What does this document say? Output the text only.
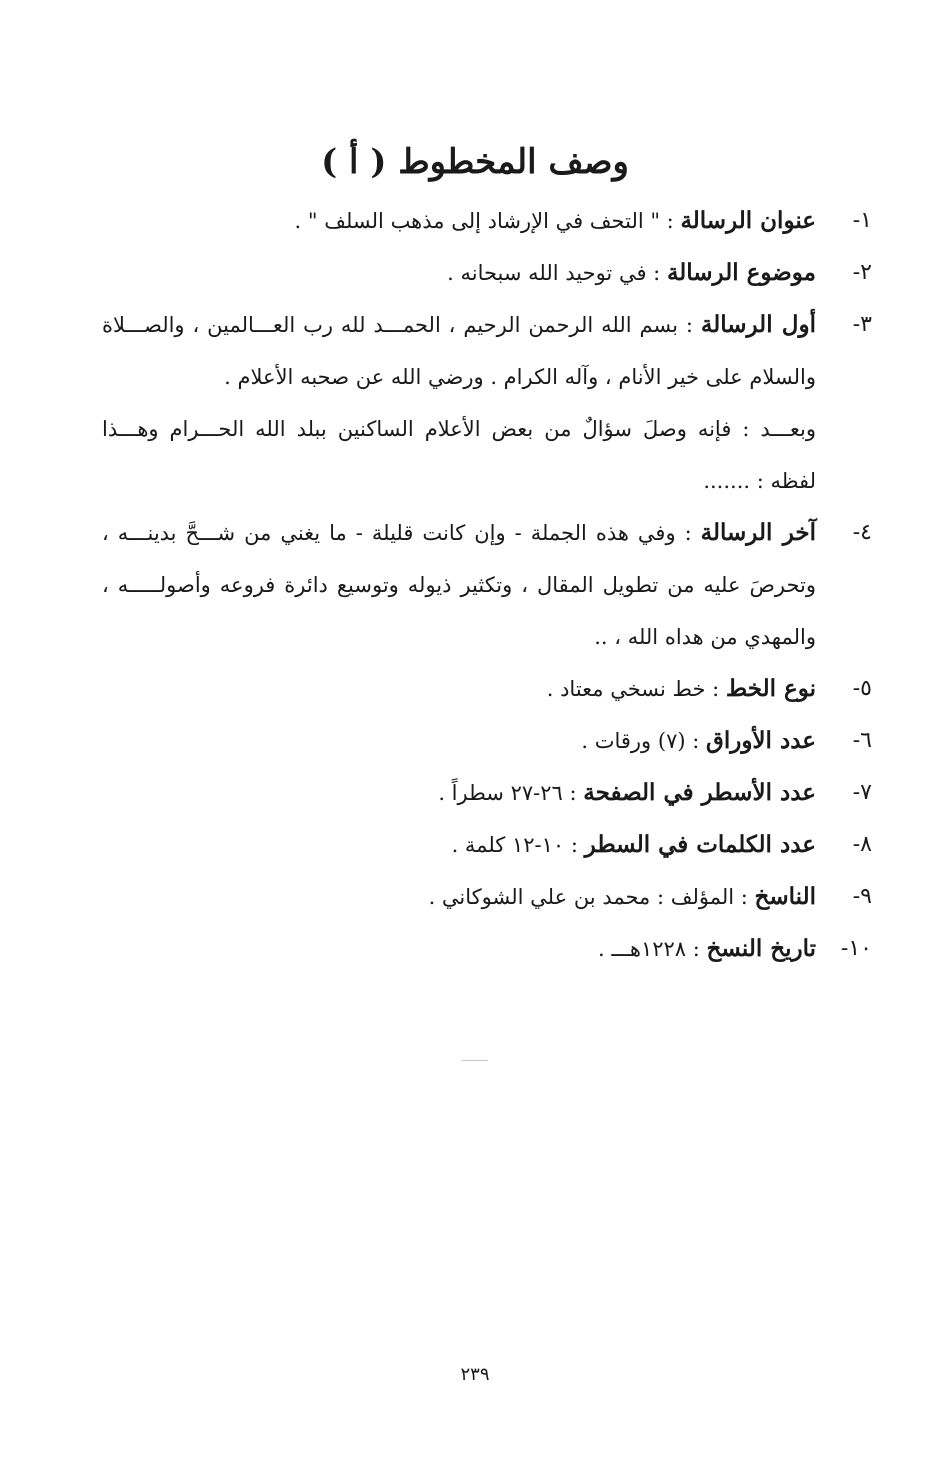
وصف المخطوط ( أ )
١-
عنوان الرسالة : " التحف في الإرشاد إلى مذهب السلف " .
٢-
موضوع الرسالة : في توحيد الله سبحانه .
٣-
أول الرسالة : بسم الله الرحمن الرحيم ، الحمـــد لله رب العـــالمين ، والصـــلاة والسلام على خير الأنام ، وآله الكرام . ورضي الله عن صحبه الأعلام .
وبعـــد : فإنه وصلَ سؤالٌ من بعض الأعلام الساكنين ببلد الله الحـــرام وهـــذا لفظه : .......
٤-
آخر الرسالة : وفي هذه الجملة - وإن كانت قليلة - ما يغني من شـــحَّ بدينـــه ، وتحرصَ عليه من تطويل المقال ، وتكثير ذيوله وتوسيع دائرة فروعه وأصولـــــه ، والمهدي من هداه الله ، ..
٥-
نوع الخط : خط نسخي معتاد .
٦-
عدد الأوراق : (٧) ورقات .
٧-
عدد الأسطر في الصفحة : ٢٦-٢٧ سطراً .
٨-
عدد الكلمات في السطر : ١٠-١٢ كلمة .
٩-
الناسخ : المؤلف : محمد بن علي الشوكاني .
١٠-
تاريخ النسخ : ١٢٢٨هـــ .
٢٣٩
